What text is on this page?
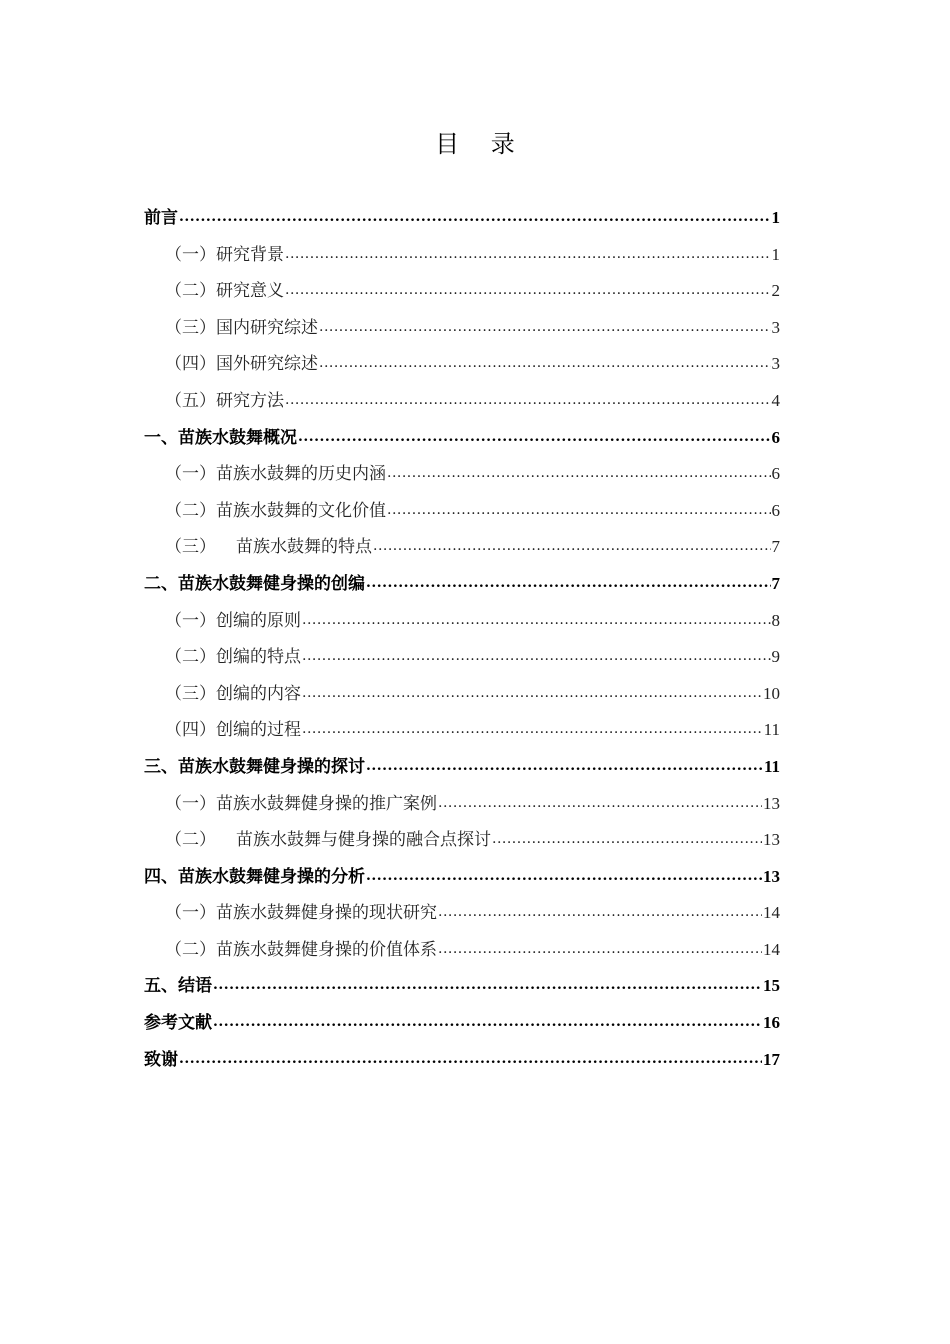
目 录
前言 .....	1
（一） 研究背景 .....	1
（二） 研究意义 .....	2
（三） 国内研究综述 .....	3
（四） 国外研究综述 .....	3
（五） 研究方法 .....	4
一、苗族水鼓舞概况 .....	6
（一） 苗族水鼓舞的历史内涵 .....	6
（二） 苗族水鼓舞的文化价值 .....	6
（三） 苗族水鼓舞的特点 .....	7
二、苗族水鼓舞健身操的创编 .....	7
（一） 创编的原则 .....	8
（二） 创编的特点 .....	9
（三） 创编的内容 .....	10
（四） 创编的过程 .....	11
三、苗族水鼓舞健身操的探讨 .....	11
（一） 苗族水鼓舞健身操的推广案例 .....	13
（二） 苗族水鼓舞与健身操的融合点探讨 .....	13
四、苗族水鼓舞健身操的分析 .....	13
（一） 苗族水鼓舞健身操的现状研究 .....	14
（二） 苗族水鼓舞健身操的价值体系 .....	14
五、结语 .....	15
参考文献 .....	16
致谢 .....	17
